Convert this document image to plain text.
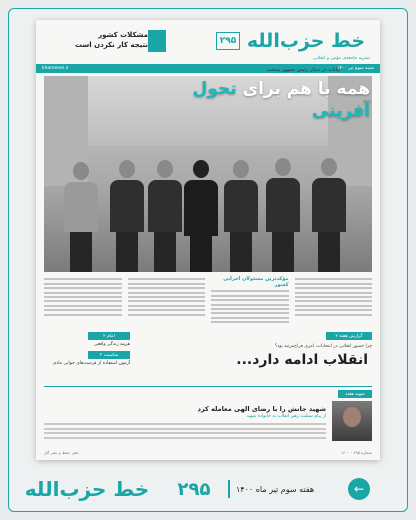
خط حزب‌الله
۲۹۵
مشکلات کشور
نتیجه کار نکردن است
نشریه جامعه‌ی مؤمن و انقلابی
شنبه سوم تیر ۱۴۰۰
khamenei.ir	بیانات در دیدار رئیس جمهور منتخب
همه با هم برای تحول آفرینی
مؤکدترین مسئولان اجرایی کشور
امام ۲
هزینه زندگی واقعی
مناسبت ۲
آزمون استفاده از فرصت‌های جوانی مادی
گزارش هفته ۲
چرا حضور انقلابی در انتخابات، امری فراخ‌مرتبه بود؟
انقلاب ادامه دارد...
شهید هفته
شهید جانش را با رضای الهی معامله کرد
از پیام تسلیت رهبر انقلاب به خانواده شهید
شماره ۲۹۵ · ۱۴۰۰
دفتر حفظ و نشر آثار
خط حزب‌الله	۲۹۵	هفته سوم تیر ماه ۱۴۰۰	←
